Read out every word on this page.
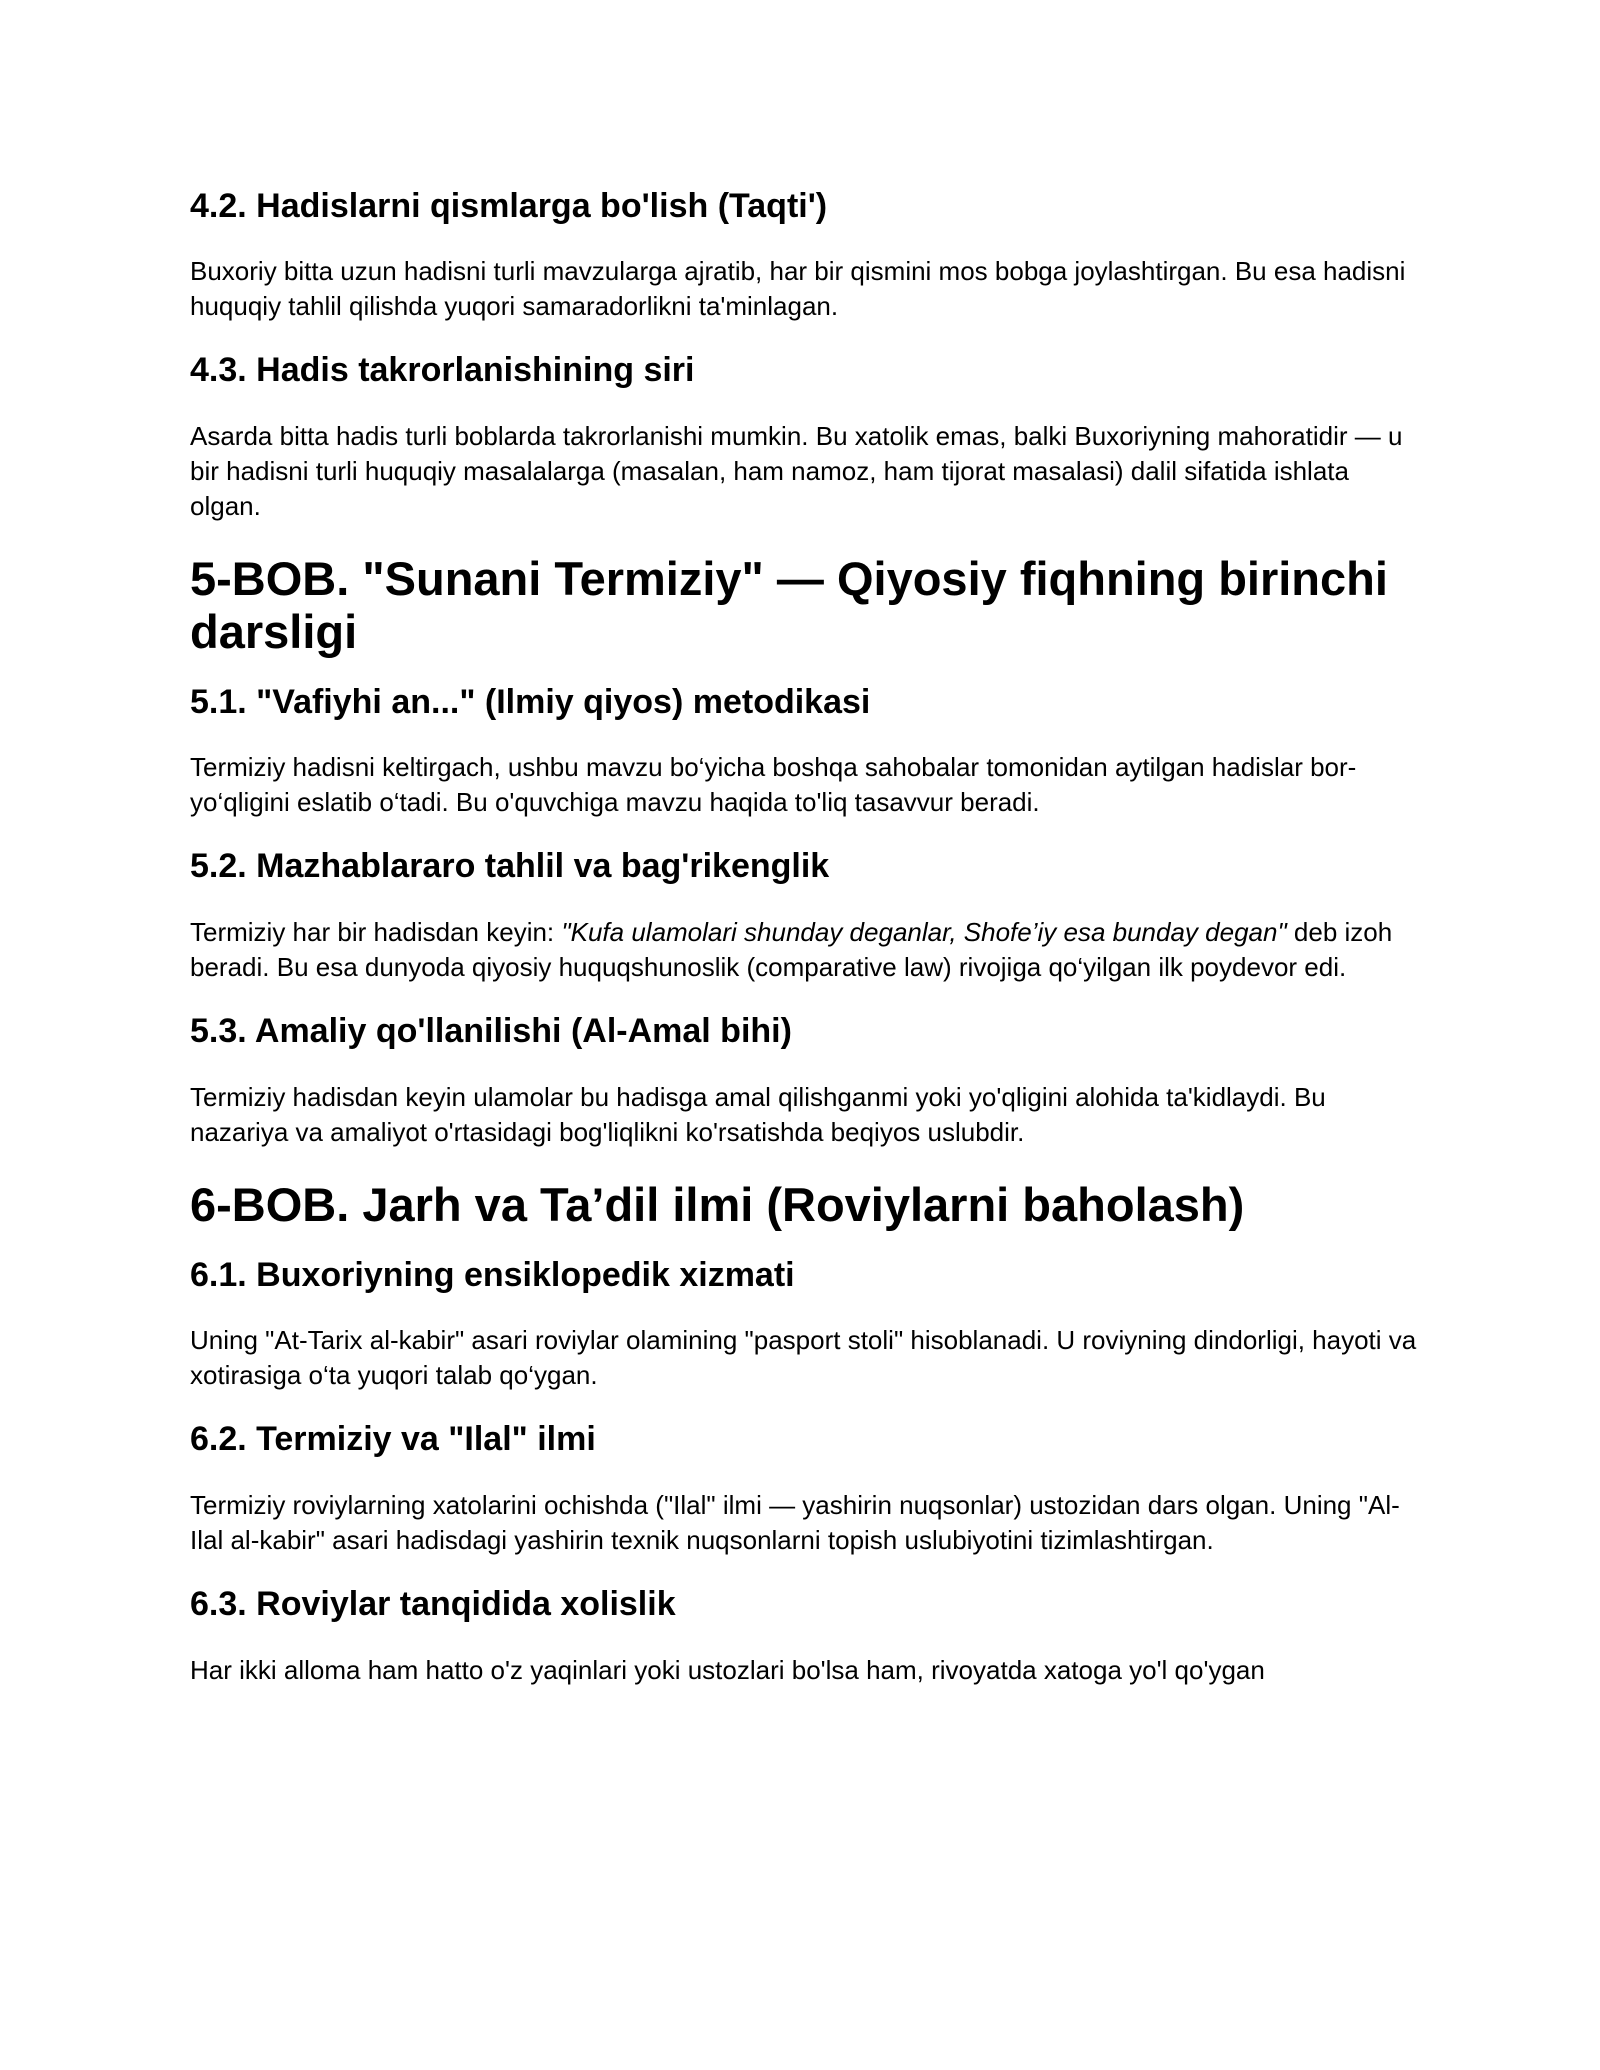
4.2. Hadislarni qismlarga bo'lish (Taqti')

Buxoriy bitta uzun hadisni turli mavzularga ajratib, har bir qismini mos bobga joylashtirgan. Bu esa hadisni huquqiy tahlil qilishda yuqori samaradorlikni ta'minlagan.

4.3. Hadis takrorlanishining siri

Asarda bitta hadis turli boblarda takrorlanishi mumkin. Bu xatolik emas, balki Buxoriyning mahoratidir — u bir hadisni turli huquqiy masalalarga (masalan, ham namoz, ham tijorat masalasi) dalil sifatida ishlata olgan.

5-BOB. "Sunani Termiziy" — Qiyosiy fiqhning birinchi darsligi
5.1. "Vafiyhi an..." (Ilmiy qiyos) metodikasi

Termiziy hadisni keltirgach, ushbu mavzu bo‘yicha boshqa sahobalar tomonidan aytilgan hadislar bor-yo‘qligini eslatib o‘tadi. Bu o'quvchiga mavzu haqida to'liq tasavvur beradi.

5.2. Mazhablararo tahlil va bag'rikenglik

Termiziy har bir hadisdan keyin: "Kufa ulamolari shunday deganlar, Shofe’iy esa bunday degan" deb izoh beradi. Bu esa dunyoda qiyosiy huquqshunoslik (comparative law) rivojiga qo‘yilgan ilk poydevor edi.

5.3. Amaliy qo'llanilishi (Al-Amal bihi)

Termiziy hadisdan keyin ulamolar bu hadisga amal qilishganmi yoki yo'qligini alohida ta'kidlaydi. Bu nazariya va amaliyot o'rtasidagi bog'liqlikni ko'rsatishda beqiyos uslubdir.

6-BOB. Jarh va Ta’dil ilmi (Roviylarni baholash)
6.1. Buxoriyning ensiklopedik xizmati

Uning "At-Tarix al-kabir" asari roviylar olamining "pasport stoli" hisoblanadi. U roviyning dindorligi, hayoti va xotirasiga o‘ta yuqori talab qo‘ygan.

6.2. Termiziy va "Ilal" ilmi

Termiziy roviylarning xatolarini ochishda ("Ilal" ilmi — yashirin nuqsonlar) ustozidan dars olgan. Uning "Al-Ilal al-kabir" asari hadisdagi yashirin texnik nuqsonlarni topish uslubiyotini tizimlashtirgan.

6.3. Roviylar tanqidida xolislik

Har ikki alloma ham hatto o'z yaqinlari yoki ustozlari bo'lsa ham, rivoyatda xatoga yo'l qo'ygan
